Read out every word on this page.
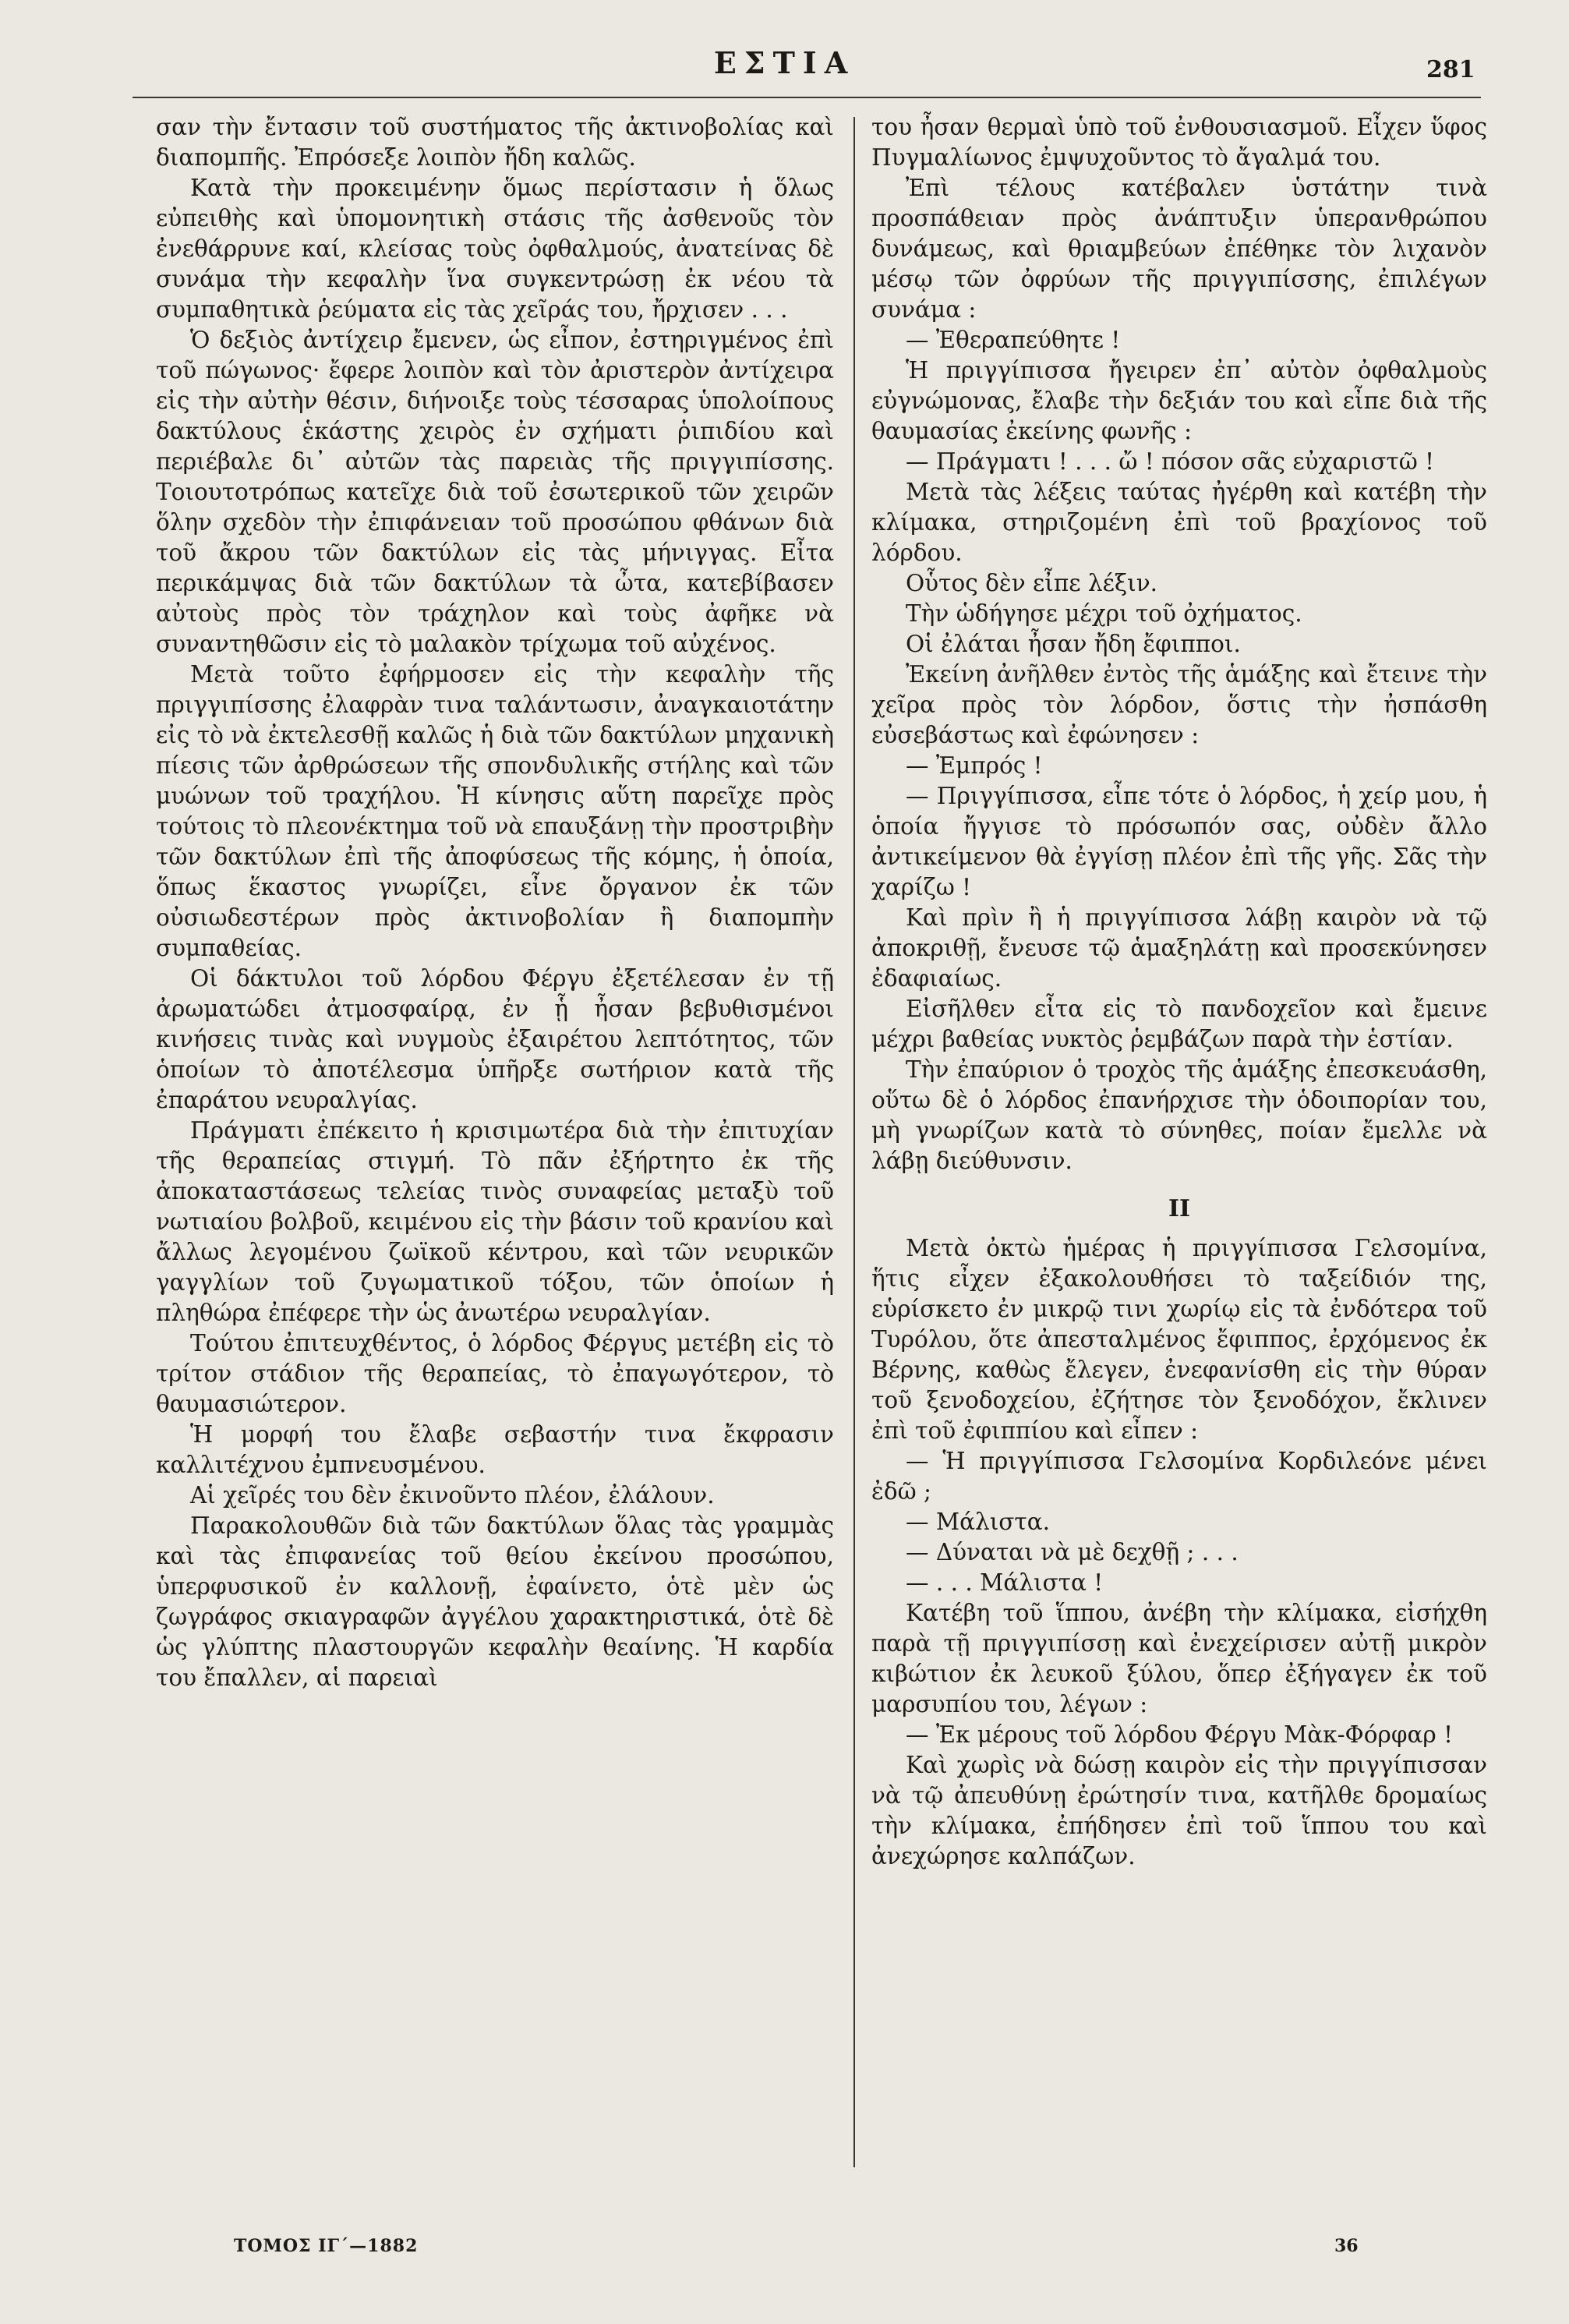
ΕΣΤΙΑ	281

σαν τὴν ἔντασιν τοῦ συστήματος τῆς ἀκτινοβολίας καὶ διαπομπῆς. Ἐπρόσεξε λοιπὸν ἤδη καλῶς.

Κατὰ τὴν προκειμένην ὅμως περίστασιν ἡ ὅλως εὐπειθὴς καὶ ὑπομονητικὴ στάσις τῆς ἀσθενοῦς τὸν ἐνεθάρρυνε καί, κλείσας τοὺς ὀφθαλμούς, ἀνατείνας δὲ συνάμα τὴν κεφαλὴν ἵνα συγκεντρώσῃ ἐκ νέου τὰ συμπαθητικὰ ῥεύματα εἰς τὰς χεῖράς του, ἤρχισεν . . .

Ὁ δεξιὸς ἀντίχειρ ἔμενεν, ὡς εἶπον, ἐστηριγμένος ἐπὶ τοῦ πώγωνος· ἔφερε λοιπὸν καὶ τὸν ἀριστερὸν ἀντίχειρα εἰς τὴν αὐτὴν θέσιν, διήνοιξε τοὺς τέσσαρας ὑπολοίπους δακτύλους ἑκάστης χειρὸς ἐν σχήματι ῥιπιδίου καὶ περιέβαλε δι᾿ αὐτῶν τὰς παρειὰς τῆς πριγγιπίσσης. Τοιουτοτρόπως κατεῖχε διὰ τοῦ ἐσωτερικοῦ τῶν χειρῶν ὅλην σχεδὸν τὴν ἐπιφάνειαν τοῦ προσώπου φθάνων διὰ τοῦ ἄκρου τῶν δακτύλων εἰς τὰς μήνιγγας. Εἶτα περικάμψας διὰ τῶν δακτύλων τὰ ὦτα, κατεβίβασεν αὐτοὺς πρὸς τὸν τράχηλον καὶ τοὺς ἀφῆκε νὰ συναντηθῶσιν εἰς τὸ μαλακὸν τρίχωμα τοῦ αὐχένος.

Μετὰ τοῦτο ἐφήρμοσεν εἰς τὴν κεφαλὴν τῆς πριγγιπίσσης ἐλαφρὰν τινα ταλάντωσιν, ἀναγκαιοτάτην εἰς τὸ νὰ ἐκτελεσθῇ καλῶς ἡ διὰ τῶν δακτύλων μηχανικὴ πίεσις τῶν ἀρθρώσεων τῆς σπονδυλικῆς στήλης καὶ τῶν μυώνων τοῦ τραχήλου. Ἡ κίνησις αὕτη παρεῖχε πρὸς τούτοις τὸ πλεονέκτημα τοῦ νὰ επαυξάνῃ τὴν προστριβὴν τῶν δακτύλων ἐπὶ τῆς ἀποφύσεως τῆς κόμης, ἡ ὁποία, ὅπως ἕκαστος γνωρίζει, εἶνε ὄργανον ἐκ τῶν οὐσιωδεστέρων πρὸς ἀκτινοβολίαν ἢ διαπομπὴν συμπαθείας.

Οἱ δάκτυλοι τοῦ λόρδου Φέργυ ἐξετέλεσαν ἐν τῇ ἀρωματώδει ἀτμοσφαίρᾳ, ἐν ᾗ ἦσαν βεβυθισμένοι κινήσεις τινὰς καὶ νυγμοὺς ἐξαιρέτου λεπτότητος, τῶν ὁποίων τὸ ἀποτέλεσμα ὑπῆρξε σωτήριον κατὰ τῆς ἐπαράτου νευραλγίας.

Πράγματι ἐπέκειτο ἡ κρισιμωτέρα διὰ τὴν ἐπιτυχίαν τῆς θεραπείας στιγμή. Τὸ πᾶν ἐξήρτητο ἐκ τῆς ἀποκαταστάσεως τελείας τινὸς συναφείας μεταξὺ τοῦ νωτιαίου βολβοῦ, κειμένου εἰς τὴν βάσιν τοῦ κρανίου καὶ ἄλλως λεγομένου ζωϊκοῦ κέντρου, καὶ τῶν νευρικῶν γαγγλίων τοῦ ζυγωματικοῦ τόξου, τῶν ὁποίων ἡ πληθώρα ἐπέφερε τὴν ὡς ἀνωτέρω νευραλγίαν.

Τούτου ἐπιτευχθέντος, ὁ λόρδος Φέργυς μετέβη εἰς τὸ τρίτον στάδιον τῆς θεραπείας, τὸ ἐπαγωγότερον, τὸ θαυμασιώτερον.

Ἡ μορφή του ἔλαβε σεβαστήν τινα ἔκφρασιν καλλιτέχνου ἐμπνευσμένου.

Αἱ χεῖρές του δὲν ἐκινοῦντο πλέον, ἐλάλουν.

Παρακολουθῶν διὰ τῶν δακτύλων ὅλας τὰς γραμμὰς καὶ τὰς ἐπιφανείας τοῦ θείου ἐκείνου προσώπου, ὑπερφυσικοῦ ἐν καλλονῇ, ἐφαίνετο, ὁτὲ μὲν ὡς ζωγράφος σκιαγραφῶν ἀγγέλου χαρακτηριστικά, ὁτὲ δὲ ὡς γλύπτης πλαστουργῶν κεφαλὴν θεαίνης. Ἡ καρδία του ἔπαλλεν, αἱ παρειαὶ

του ἦσαν θερμαὶ ὑπὸ τοῦ ἐνθουσιασμοῦ. Εἶχεν ὕφος Πυγμαλίωνος ἐμψυχοῦντος τὸ ἄγαλμά του.

Ἐπὶ τέλους κατέβαλεν ὑστάτην τινὰ προσπάθειαν πρὸς ἀνάπτυξιν ὑπερανθρώπου δυνάμεως, καὶ θριαμβεύων ἐπέθηκε τὸν λιχανὸν μέσῳ τῶν ὀφρύων τῆς πριγγιπίσσης, ἐπιλέγων συνάμα :

— Ἐθεραπεύθητε !

Ἡ πριγγίπισσα ἤγειρεν ἐπ᾿ αὐτὸν ὀφθαλμοὺς εὐγνώμονας, ἔλαβε τὴν δεξιάν του καὶ εἶπε διὰ τῆς θαυμασίας ἐκείνης φωνῆς :

— Πράγματι ! . . . ὤ ! πόσον σᾶς εὐχαριστῶ !

Μετὰ τὰς λέξεις ταύτας ἠγέρθη καὶ κατέβη τὴν κλίμακα, στηριζομένη ἐπὶ τοῦ βραχίονος τοῦ λόρδου.

Οὗτος δὲν εἶπε λέξιν.

Τὴν ὡδήγησε μέχρι τοῦ ὀχήματος.

Οἱ ἐλάται ἦσαν ἤδη ἔφιπποι.

Ἐκείνη ἀνῆλθεν ἐντὸς τῆς ἁμάξης καὶ ἔτεινε τὴν χεῖρα πρὸς τὸν λόρδον, ὅστις τὴν ἠσπάσθη εὐσεβάστως καὶ ἐφώνησεν :

— Ἐμπρός !

— Πριγγίπισσα, εἶπε τότε ὁ λόρδος, ἡ χείρ μου, ἡ ὁποία ἤγγισε τὸ πρόσωπόν σας, οὐδὲν ἄλλο ἀντικείμενον θὰ ἐγγίσῃ πλέον ἐπὶ τῆς γῆς. Σᾶς τὴν χαρίζω !

Καὶ πρὶν ἢ ἡ πριγγίπισσα λάβῃ καιρὸν νὰ τῷ ἀποκριθῇ, ἔνευσε τῷ ἁμαξηλάτῃ καὶ προσεκύνησεν ἐδαφιαίως.

Εἰσῆλθεν εἶτα εἰς τὸ πανδοχεῖον καὶ ἔμεινε μέχρι βαθείας νυκτὸς ῥεμβάζων παρὰ τὴν ἑστίαν.

Τὴν ἐπαύριον ὁ τροχὸς τῆς ἁμάξης ἐπεσκευάσθη, οὕτω δὲ ὁ λόρδος ἐπανήρχισε τὴν ὁδοιπορίαν του, μὴ γνωρίζων κατὰ τὸ σύνηθες, ποίαν ἔμελλε νὰ λάβῃ διεύθυνσιν.

II

Μετὰ ὀκτὼ ἡμέρας ἡ πριγγίπισσα Γελσομίνα, ἥτις εἶχεν ἐξακολουθήσει τὸ ταξείδιόν της, εὑρίσκετο ἐν μικρῷ τινι χωρίῳ εἰς τὰ ἐνδότερα τοῦ Τυρόλου, ὅτε ἀπεσταλμένος ἔφιππος, ἐρχόμενος ἐκ Βέρνης, καθὼς ἔλεγεν, ἐνεφανίσθη εἰς τὴν θύραν τοῦ ξενοδοχείου, ἐζήτησε τὸν ξενοδόχον, ἔκλινεν ἐπὶ τοῦ ἐφιππίου καὶ εἶπεν :

— Ἡ πριγγίπισσα Γελσομίνα Κορδιλεόνε μένει ἐδῶ ;

— Μάλιστα.

— Δύναται νὰ μὲ δεχθῇ ; . . .

— . . . Μάλιστα !

Κατέβη τοῦ ἵππου, ἀνέβη τὴν κλίμακα, εἰσήχθη παρὰ τῇ πριγγιπίσσῃ καὶ ἐνεχείρισεν αὐτῇ μικρὸν κιβώτιον ἐκ λευκοῦ ξύλου, ὅπερ ἐξήγαγεν ἐκ τοῦ μαρσυπίου του, λέγων :

— Ἐκ μέρους τοῦ λόρδου Φέργυ Μὰκ-Φόρφαρ !

Καὶ χωρὶς νὰ δώσῃ καιρὸν εἰς τὴν πριγγίπισσαν νὰ τῷ ἀπευθύνῃ ἐρώτησίν τινα, κατῆλθε δρομαίως τὴν κλίμακα, ἐπήδησεν ἐπὶ τοῦ ἵππου του καὶ ἀνεχώρησε καλπάζων.

ΤΟΜΟΣ ΙΓ΄—1882	36
